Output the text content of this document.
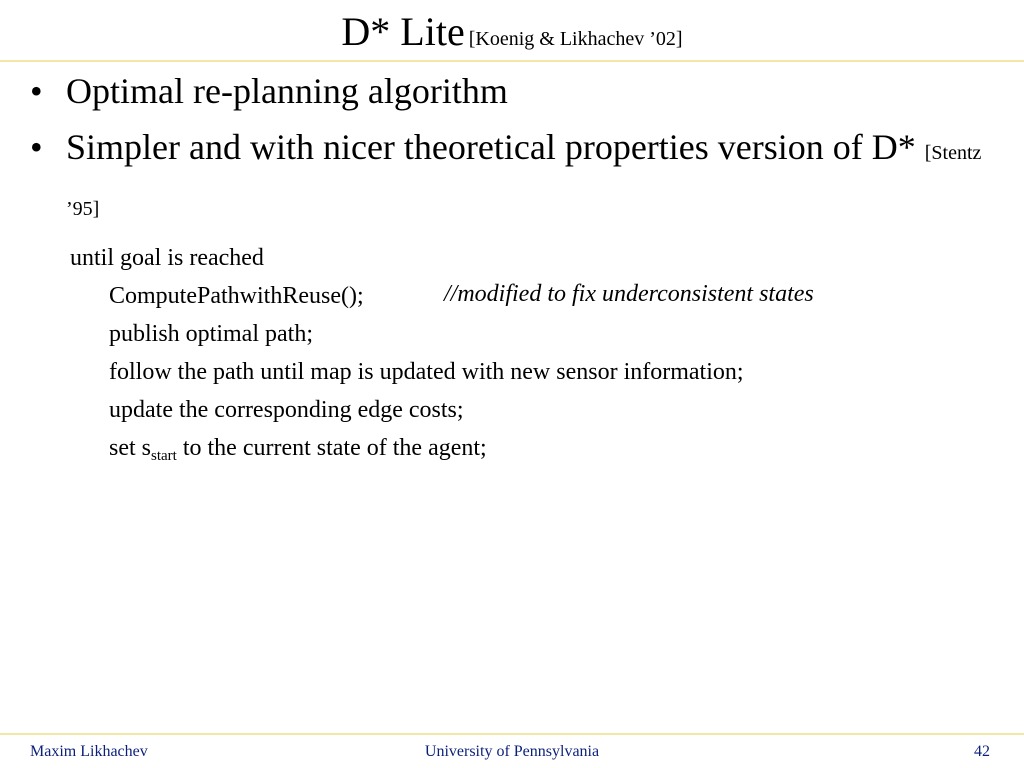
D* Lite [Koenig & Likhachev ’02]
• Optimal re-planning algorithm
• Simpler and with nicer theoretical properties version of D* [Stentz ’95]
until goal is reached
ComputePathwithReuse();	//modified to fix underconsistent states
publish optimal path;
follow the path until map is updated with new sensor information;
update the corresponding edge costs;
set $s_{start}$ to the current state of the agent;
Maxim Likhachev	University of Pennsylvania	42
